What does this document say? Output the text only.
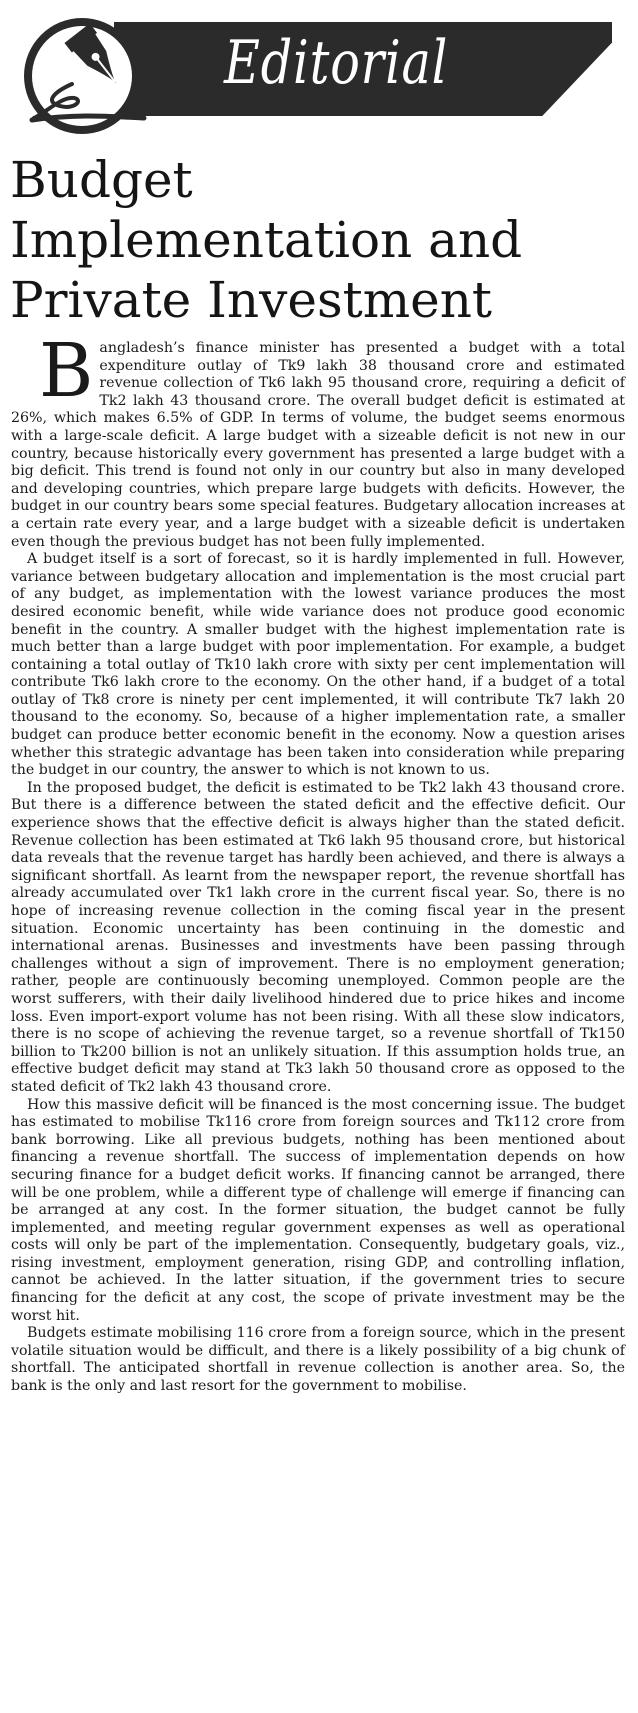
Editorial
Budget Implementation and Private Investment

Bangladesh’s finance minister has presented a budget with a total expenditure outlay of Tk9 lakh 38 thousand crore and estimated revenue collection of Tk6 lakh 95 thousand crore, requiring a deficit of Tk2 lakh 43 thousand crore. The overall budget deficit is estimated at 26%, which makes 6.5% of GDP. In terms of volume, the budget seems enormous with a large-scale deficit. A large budget with a sizeable deficit is not new in our country, because historically every government has presented a large budget with a big deficit. This trend is found not only in our country but also in many developed and developing countries, which prepare large budgets with deficits. However, the budget in our country bears some special features. Budgetary allocation increases at a certain rate every year, and a large budget with a sizeable deficit is undertaken even though the previous budget has not been fully implemented.

A budget itself is a sort of forecast, so it is hardly implemented in full. However, variance between budgetary allocation and implementation is the most crucial part of any budget, as implementation with the lowest variance produces the most desired economic benefit, while wide variance does not produce good economic benefit in the country. A smaller budget with the highest implementation rate is much better than a large budget with poor implementation. For example, a budget containing a total outlay of Tk10 lakh crore with sixty per cent implementation will contribute Tk6 lakh crore to the economy. On the other hand, if a budget of a total outlay of Tk8 crore is ninety per cent implemented, it will contribute Tk7 lakh 20 thousand to the economy. So, because of a higher implementation rate, a smaller budget can produce better economic benefit in the economy. Now a question arises whether this strategic advantage has been taken into consideration while preparing the budget in our country, the answer to which is not known to us.

In the proposed budget, the deficit is estimated to be Tk2 lakh 43 thousand crore. But there is a difference between the stated deficit and the effective deficit. Our experience shows that the effective deficit is always higher than the stated deficit. Revenue collection has been estimated at Tk6 lakh 95 thousand crore, but historical data reveals that the revenue target has hardly been achieved, and there is always a significant shortfall. As learnt from the newspaper report, the revenue shortfall has already accumulated over Tk1 lakh crore in the current fiscal year. So, there is no hope of increasing revenue collection in the coming fiscal year in the present situation. Economic uncertainty has been continuing in the domestic and international arenas. Businesses and investments have been passing through challenges without a sign of improvement. There is no employment generation; rather, people are continuously becoming unemployed. Common people are the worst sufferers, with their daily livelihood hindered due to price hikes and income loss. Even import-export volume has not been rising. With all these slow indicators, there is no scope of achieving the revenue target, so a revenue shortfall of Tk150 billion to Tk200 billion is not an unlikely situation. If this assumption holds true, an effective budget deficit may stand at Tk3 lakh 50 thousand crore as opposed to the stated deficit of Tk2 lakh 43 thousand crore.

How this massive deficit will be financed is the most concerning issue. The budget has estimated to mobilise Tk116 crore from foreign sources and Tk112 crore from bank borrowing. Like all previous budgets, nothing has been mentioned about financing a revenue shortfall. The success of implementation depends on how securing finance for a budget deficit works. If financing cannot be arranged, there will be one problem, while a different type of challenge will emerge if financing can be arranged at any cost. In the former situation, the budget cannot be fully implemented, and meeting regular government expenses as well as operational costs will only be part of the implementation. Consequently, budgetary goals, viz., rising investment, employment generation, rising GDP, and controlling inflation, cannot be achieved. In the latter situation, if the government tries to secure financing for the deficit at any cost, the scope of private investment may be the worst hit.

Budgets estimate mobilising 116 crore from a foreign source, which in the present volatile situation would be difficult, and there is a likely possibility of a big chunk of shortfall. The anticipated shortfall in revenue collection is another area. So, the bank is the only and last resort for the government to mobilise.
